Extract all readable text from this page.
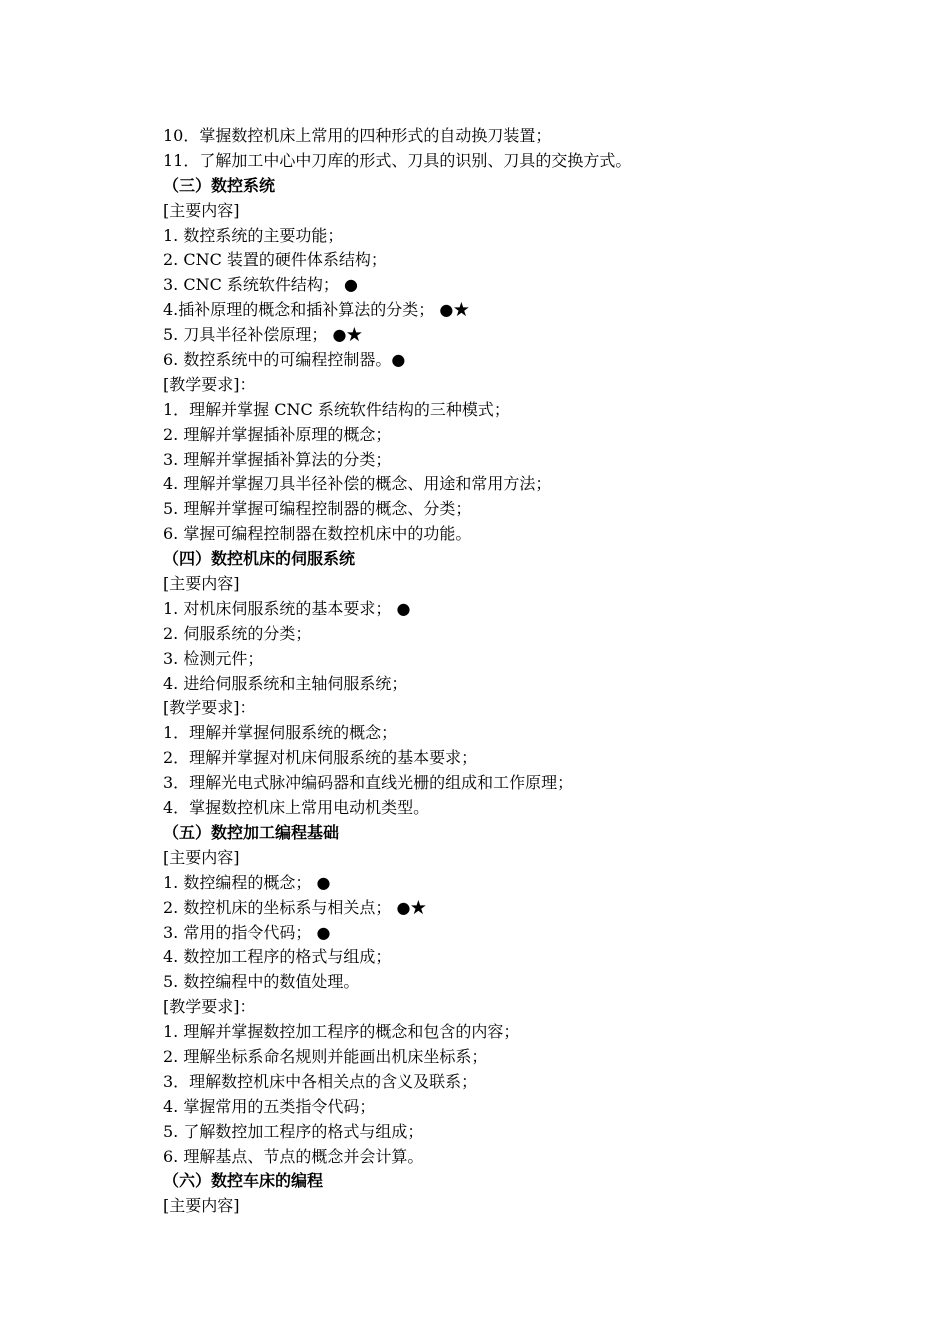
10．掌握数控机床上常用的四种形式的自动换刀装置；
11．了解加工中心中刀库的形式、刀具的识别、刀具的交换方式。
（三）数控系统
[主要内容]
1. 数控系统的主要功能；
2. CNC 装置的硬件体系结构；
3. CNC 系统软件结构； ●
4.插补原理的概念和插补算法的分类； ●★
5. 刀具半径补偿原理； ●★
6. 数控系统中的可编程控制器。●
[教学要求]：
1．理解并掌握 CNC 系统软件结构的三种模式；
2. 理解并掌握插补原理的概念；
3. 理解并掌握插补算法的分类；
4. 理解并掌握刀具半径补偿的概念、用途和常用方法；
5. 理解并掌握可编程控制器的概念、分类；
6. 掌握可编程控制器在数控机床中的功能。
（四）数控机床的伺服系统
[主要内容]
1. 对机床伺服系统的基本要求； ●
2. 伺服系统的分类；
3. 检测元件；
4. 进给伺服系统和主轴伺服系统；
[教学要求]：
1．理解并掌握伺服系统的概念；
2．理解并掌握对机床伺服系统的基本要求；
3．理解光电式脉冲编码器和直线光栅的组成和工作原理；
4．掌握数控机床上常用电动机类型。
（五）数控加工编程基础
[主要内容]
1. 数控编程的概念； ●
2. 数控机床的坐标系与相关点； ●★
3. 常用的指令代码； ●
4. 数控加工程序的格式与组成；
5. 数控编程中的数值处理。
[教学要求]：
1. 理解并掌握数控加工程序的概念和包含的内容；
2. 理解坐标系命名规则并能画出机床坐标系；
3．理解数控机床中各相关点的含义及联系；
4. 掌握常用的五类指令代码；
5. 了解数控加工程序的格式与组成；
6. 理解基点、节点的概念并会计算。
（六）数控车床的编程
[主要内容]
